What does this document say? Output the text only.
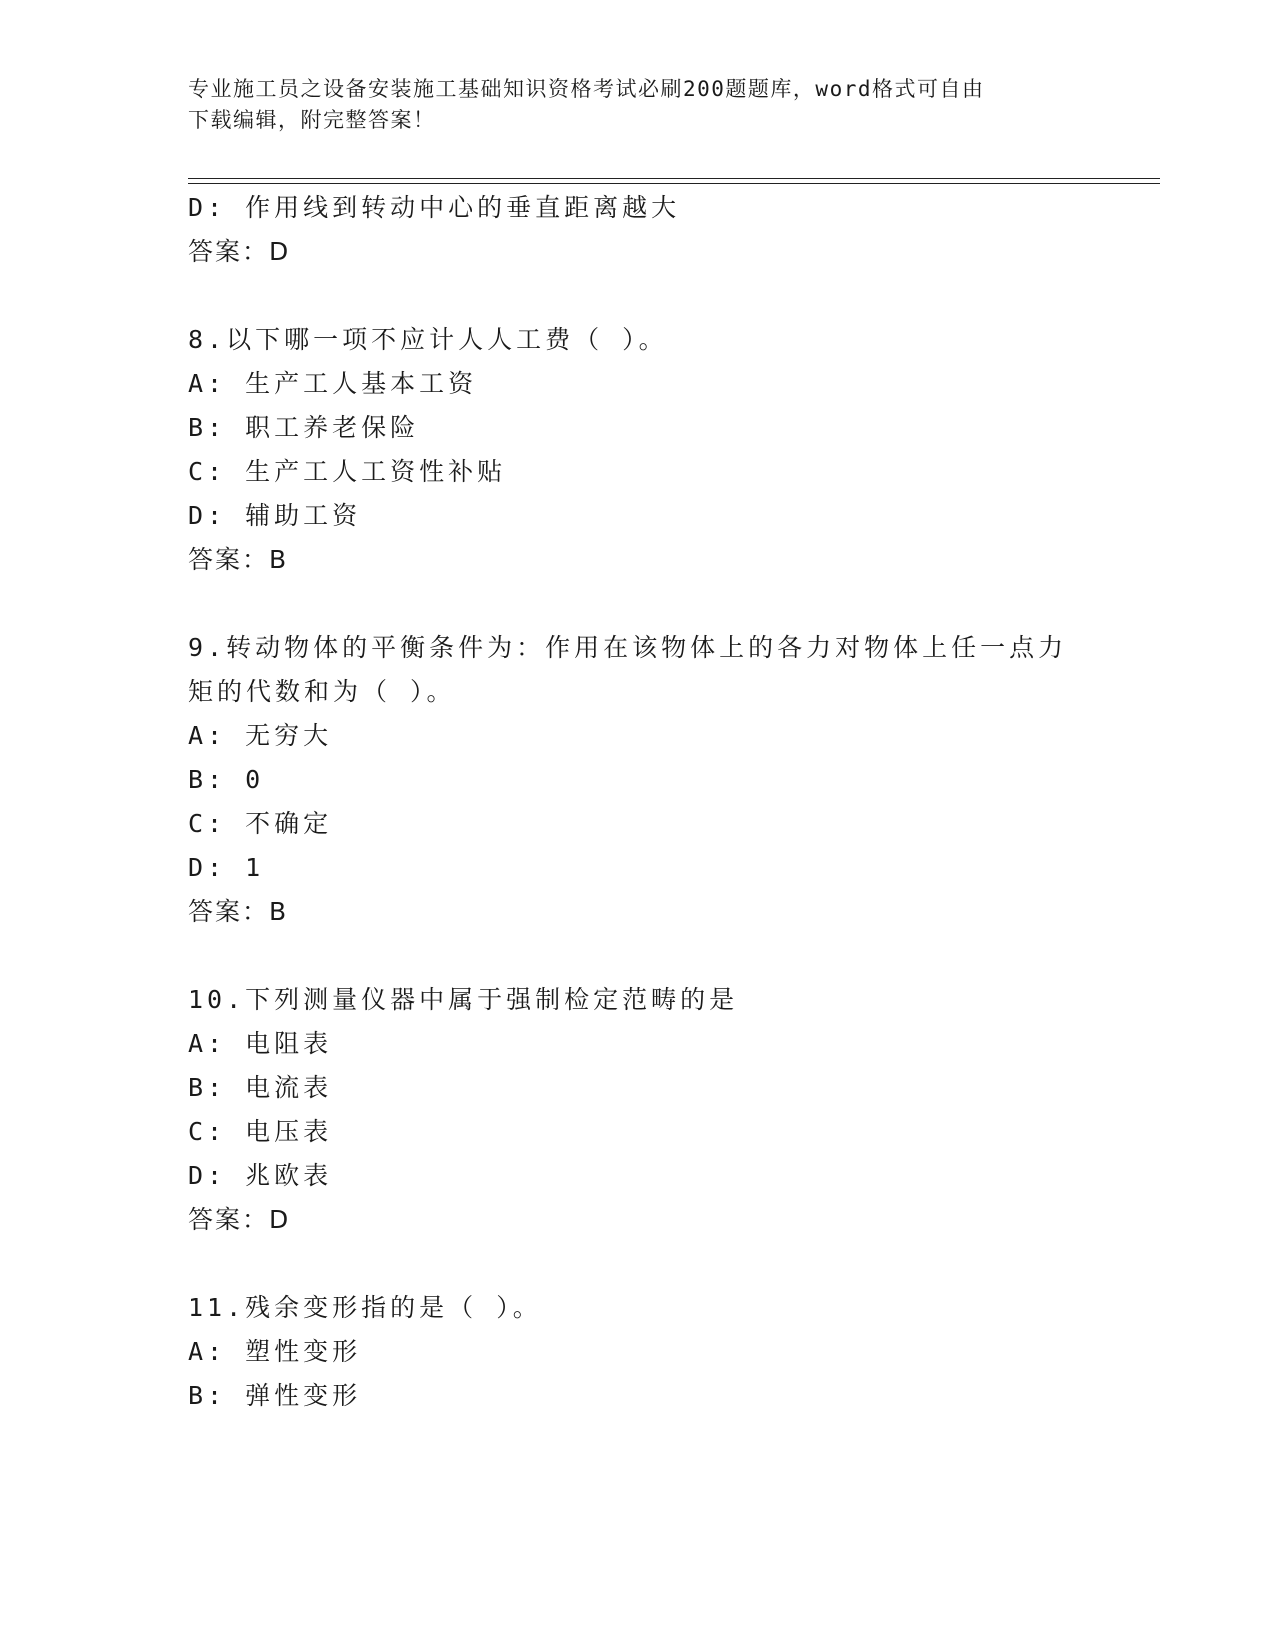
专业施工员之设备安装施工基础知识资格考试必刷200题题库，word格式可自由
下载编辑，附完整答案！
D: 作用线到转动中心的垂直距离越大
答案：D
8.以下哪一项不应计人人工费（ ）。
A: 生产工人基本工资
B: 职工养老保险
C: 生产工人工资性补贴
D: 辅助工资
答案：B
9.转动物体的平衡条件为：作用在该物体上的各力对物体上任一点力
矩的代数和为（ ）。
A: 无穷大
B: 0
C: 不确定
D: 1
答案：B
10.下列测量仪器中属于强制检定范畴的是
A: 电阻表
B: 电流表
C: 电压表
D: 兆欧表
答案：D
11.残余变形指的是（ ）。
A: 塑性变形
B: 弹性变形
